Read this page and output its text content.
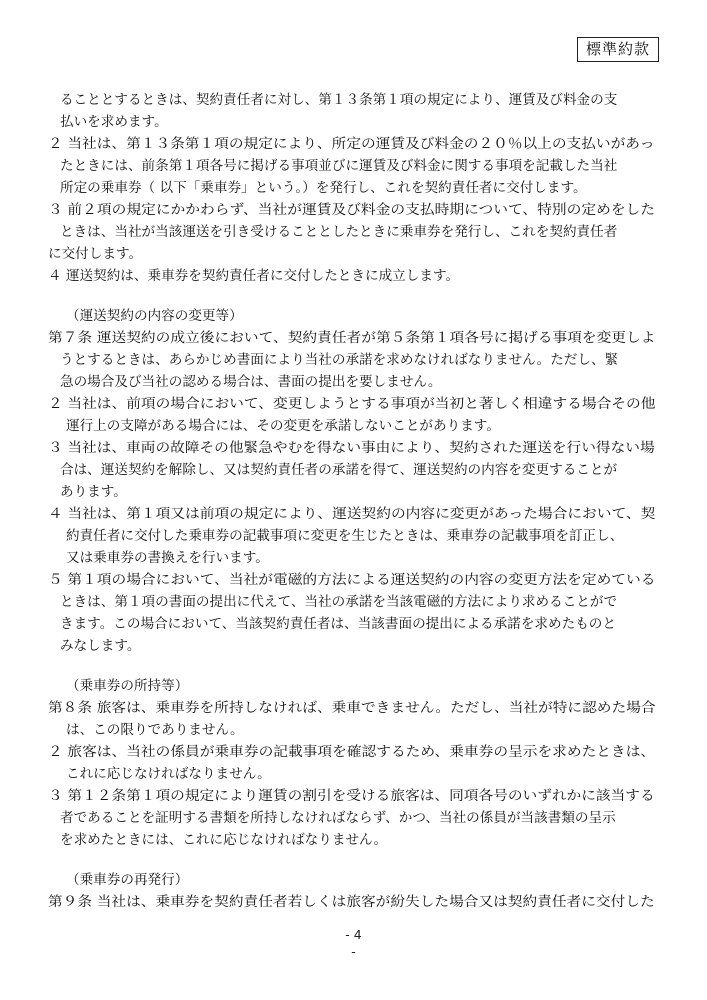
標準約款
ることとするときは、契約責任者に対し、第１３条第１項の規定により、運賃及び料金の支
払いを求めます。
２ 当社は、第１３条第１項の規定により、所定の運賃及び料金の２０％以上の支払いがあっ
たときには、前条第１項各号に掲げる事項並びに運賃及び料金に関する事項を記載した当社
所定の乗車券（ 以下「乗車券」という。）を発行し、これを契約責任者に交付します。
３ 前２項の規定にかかわらず、当社が運賃及び料金の支払時期について、特別の定めをした
ときは、当社が当該運送を引き受けることとしたときに乗車券を発行し、これを契約責任者
に交付します。
４ 運送契約は、乗車券を契約責任者に交付したときに成立します。
（運送契約の内容の変更等）
第７条 運送契約の成立後において、契約責任者が第５条第１項各号に掲げる事項を変更しよ
うとするときは、あらかじめ書面により当社の承諾を求めなければなりません。ただし、緊
急の場合及び当社の認める場合は、書面の提出を要しません。
２ 当社は、前項の場合において、変更しようとする事項が当初と著しく相違する場合その他
運行上の支障がある場合には、その変更を承諾しないことがあります。
３ 当社は、車両の故障その他緊急やむを得ない事由により、契約された運送を行い得ない場
合は、運送契約を解除し、又は契約責任者の承諾を得て、運送契約の内容を変更することが
あります。
４ 当社は、第１項又は前項の規定により、運送契約の内容に変更があった場合において、契
約責任者に交付した乗車券の記載事項に変更を生じたときは、乗車券の記載事項を訂正し、
又は乗車券の書換えを行います。
５ 第１項の場合において、当社が電磁的方法による運送契約の内容の変更方法を定めている
ときは、第１項の書面の提出に代えて、当社の承諾を当該電磁的方法により求めることがで
きます。この場合において、当該契約責任者は、当該書面の提出による承諾を求めたものと
みなします。
（乗車券の所持等）
第８条 旅客は、乗車券を所持しなければ、乗車できません。ただし、当社が特に認めた場合
は、この限りでありません。
２ 旅客は、当社の係員が乗車券の記載事項を確認するため、乗車券の呈示を求めたときは、
これに応じなければなりません。
３ 第１２条第１項の規定により運賃の割引を受ける旅客は、同項各号のいずれかに該当する
者であることを証明する書類を所持しなければならず、かつ、当社の係員が当該書類の呈示
を求めたときには、これに応じなければなりません。
（乗車券の再発行）
第９条 当社は、乗車券を契約責任者若しくは旅客が紛失した場合又は契約責任者に交付した
- 4
-
